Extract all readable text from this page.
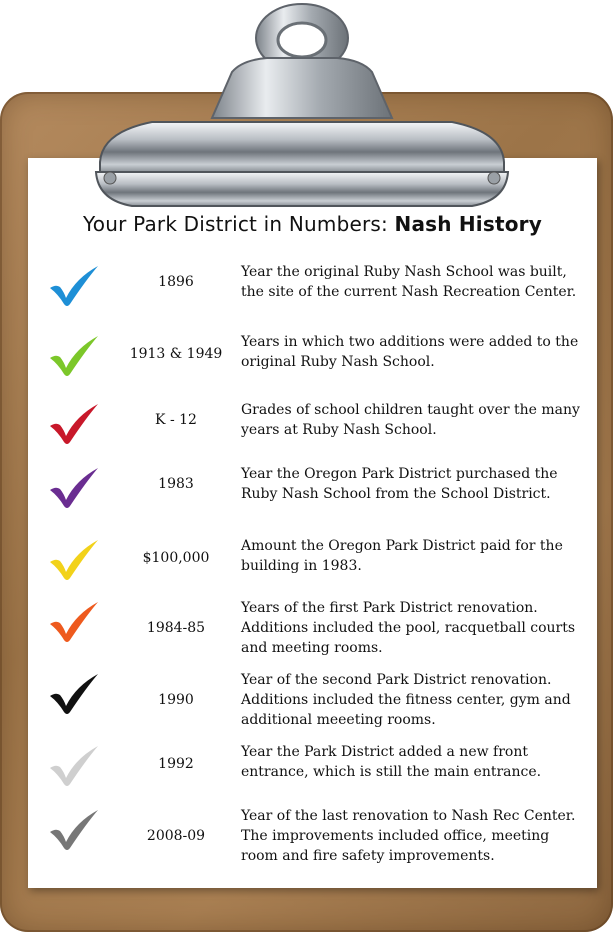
Your Park District in Numbers: Nash History
1896
Year the original Ruby Nash School was built, the site of the current Nash Recreation Center.
1913 & 1949
Years in which two additions were added to the original Ruby Nash School.
K - 12
Grades of school children taught over the many years at Ruby Nash School.
1983
Year the Oregon Park District purchased the Ruby Nash School from the School District.
$100,000
Amount the Oregon Park District paid for the building in 1983.
1984-85
Years of the first Park District renovation. Additions included the pool, racquetball courts and meeting rooms.
1990
Year of the second Park District renovation. Additions included the fitness center, gym and additional meeeting rooms.
1992
Year the Park District added a new front entrance, which is still the main entrance.
2008-09
Year of the last renovation to Nash Rec Center. The improvements included office, meeting room and fire safety improvements.
